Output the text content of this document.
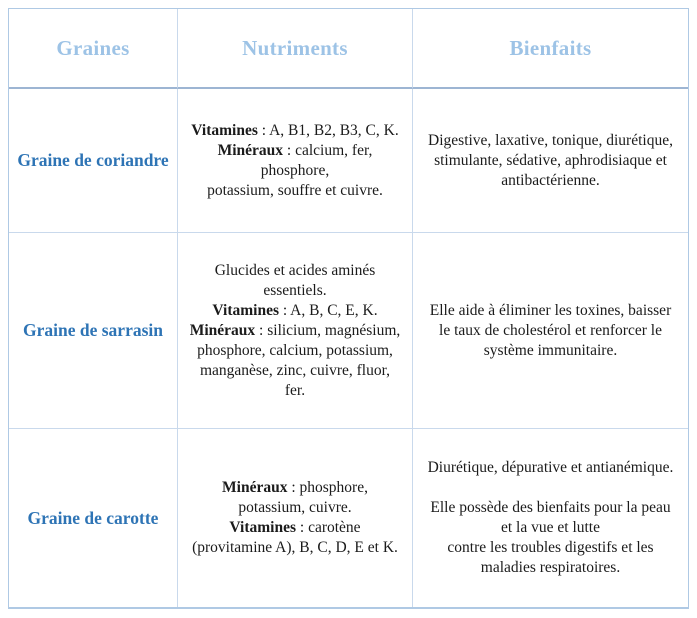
Graines	Nutriments	Bienfaits
Graine de coriandre
Vitamines : A, B1, B2, B3, C, K.
Minéraux : calcium, fer, phosphore,
potassium, souffre et cuivre.
Digestive, laxative, tonique, diurétique, stimulante, sédative, aphrodisiaque et antibactérienne.
Graine de sarrasin
Glucides et acides aminés essentiels.
Vitamines : A, B, C, E, K.
Minéraux : silicium, magnésium, phosphore, calcium, potassium, manganèse, zinc, cuivre, fluor, fer.
Elle aide à éliminer les toxines, baisser le taux de cholestérol et renforcer le système immunitaire.
Graine de carotte
Minéraux : phosphore, potassium, cuivre.
Vitamines : carotène (provitamine A), B, C, D, E et K.
Diurétique, dépurative et antianémique.
Elle possède des bienfaits pour la peau et la vue et lutte
contre les troubles digestifs et les maladies respiratoires.
